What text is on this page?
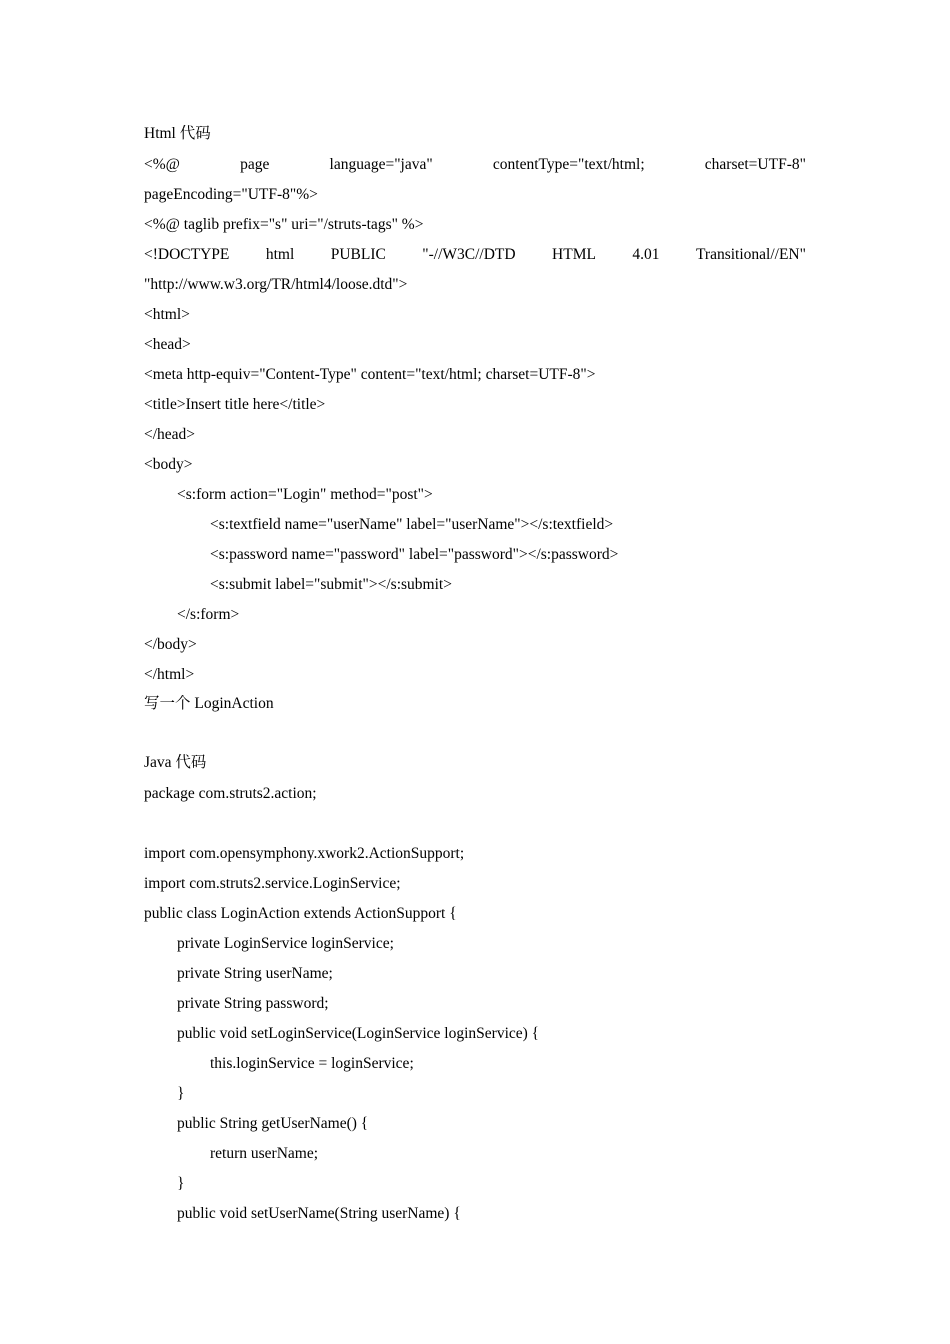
Html 代码
<%@	page	language="java"	contentType="text/html;	charset=UTF-8"
pageEncoding="UTF-8"%>
<%@ taglib prefix="s" uri="/struts-tags" %>
<!DOCTYPE html PUBLIC "-//W3C//DTD HTML 4.01 Transitional//EN"
"http://www.w3.org/TR/html4/loose.dtd">
<html>
<head>
<meta http-equiv="Content-Type" content="text/html; charset=UTF-8">
<title>Insert title here</title>
</head>
<body>
<s:form action="Login" method="post">
<s:textfield name="userName" label="userName"></s:textfield>
<s:password name="password" label="password"></s:password>
<s:submit label="submit"></s:submit>
</s:form>
</body>
</html>
写一个 LoginAction
Java 代码
package com.struts2.action;
import com.opensymphony.xwork2.ActionSupport;
import com.struts2.service.LoginService;
public class LoginAction extends ActionSupport {
private LoginService loginService;
private String userName;
private String password;
public void setLoginService(LoginService loginService) {
this.loginService = loginService;
}
public String getUserName() {
return userName;
}
public void setUserName(String userName) {
